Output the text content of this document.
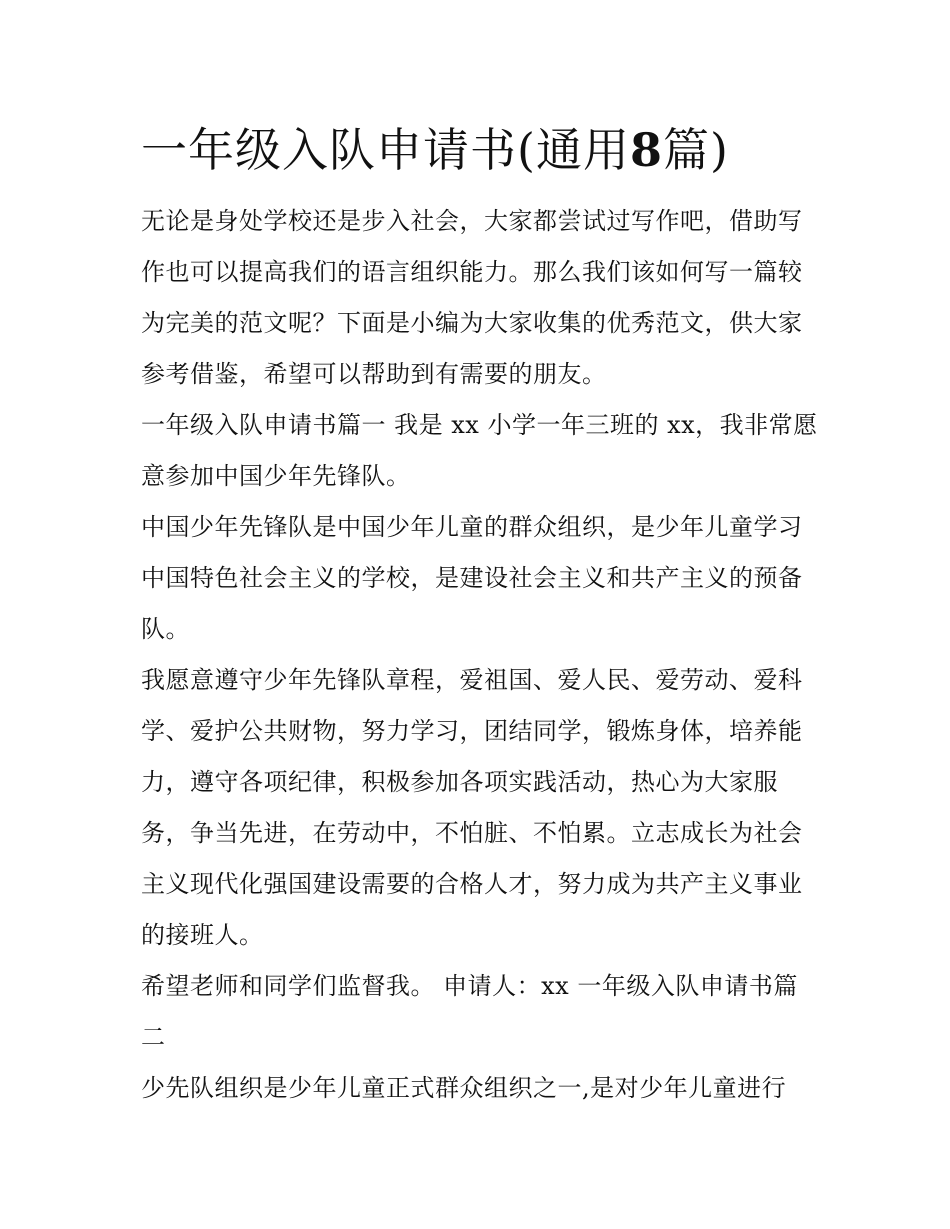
一年级入队申请书(通用8篇)

无论是身处学校还是步入社会，大家都尝试过写作吧，借助写
作也可以提高我们的语言组织能力。那么我们该如何写一篇较
为完美的范文呢？下面是小编为大家收集的优秀范文，供大家
参考借鉴，希望可以帮助到有需要的朋友。

一年级入队申请书篇一 我是 xx 小学一年三班的 xx，我非常愿
意参加中国少年先锋队。

中国少年先锋队是中国少年儿童的群众组织，是少年儿童学习
中国特色社会主义的学校，是建设社会主义和共产主义的预备
队。

我愿意遵守少年先锋队章程，爱祖国、爱人民、爱劳动、爱科
学、爱护公共财物，努力学习，团结同学，锻炼身体，培养能
力，遵守各项纪律，积极参加各项实践活动，热心为大家服
务，争当先进，在劳动中，不怕脏、不怕累。立志成长为社会
主义现代化强国建设需要的合格人才，努力成为共产主义事业
的接班人。

希望老师和同学们监督我。 申请人：xx 一年级入队申请书篇
二

少先队组织是少年儿童正式群众组织之一,是对少年儿童进行
